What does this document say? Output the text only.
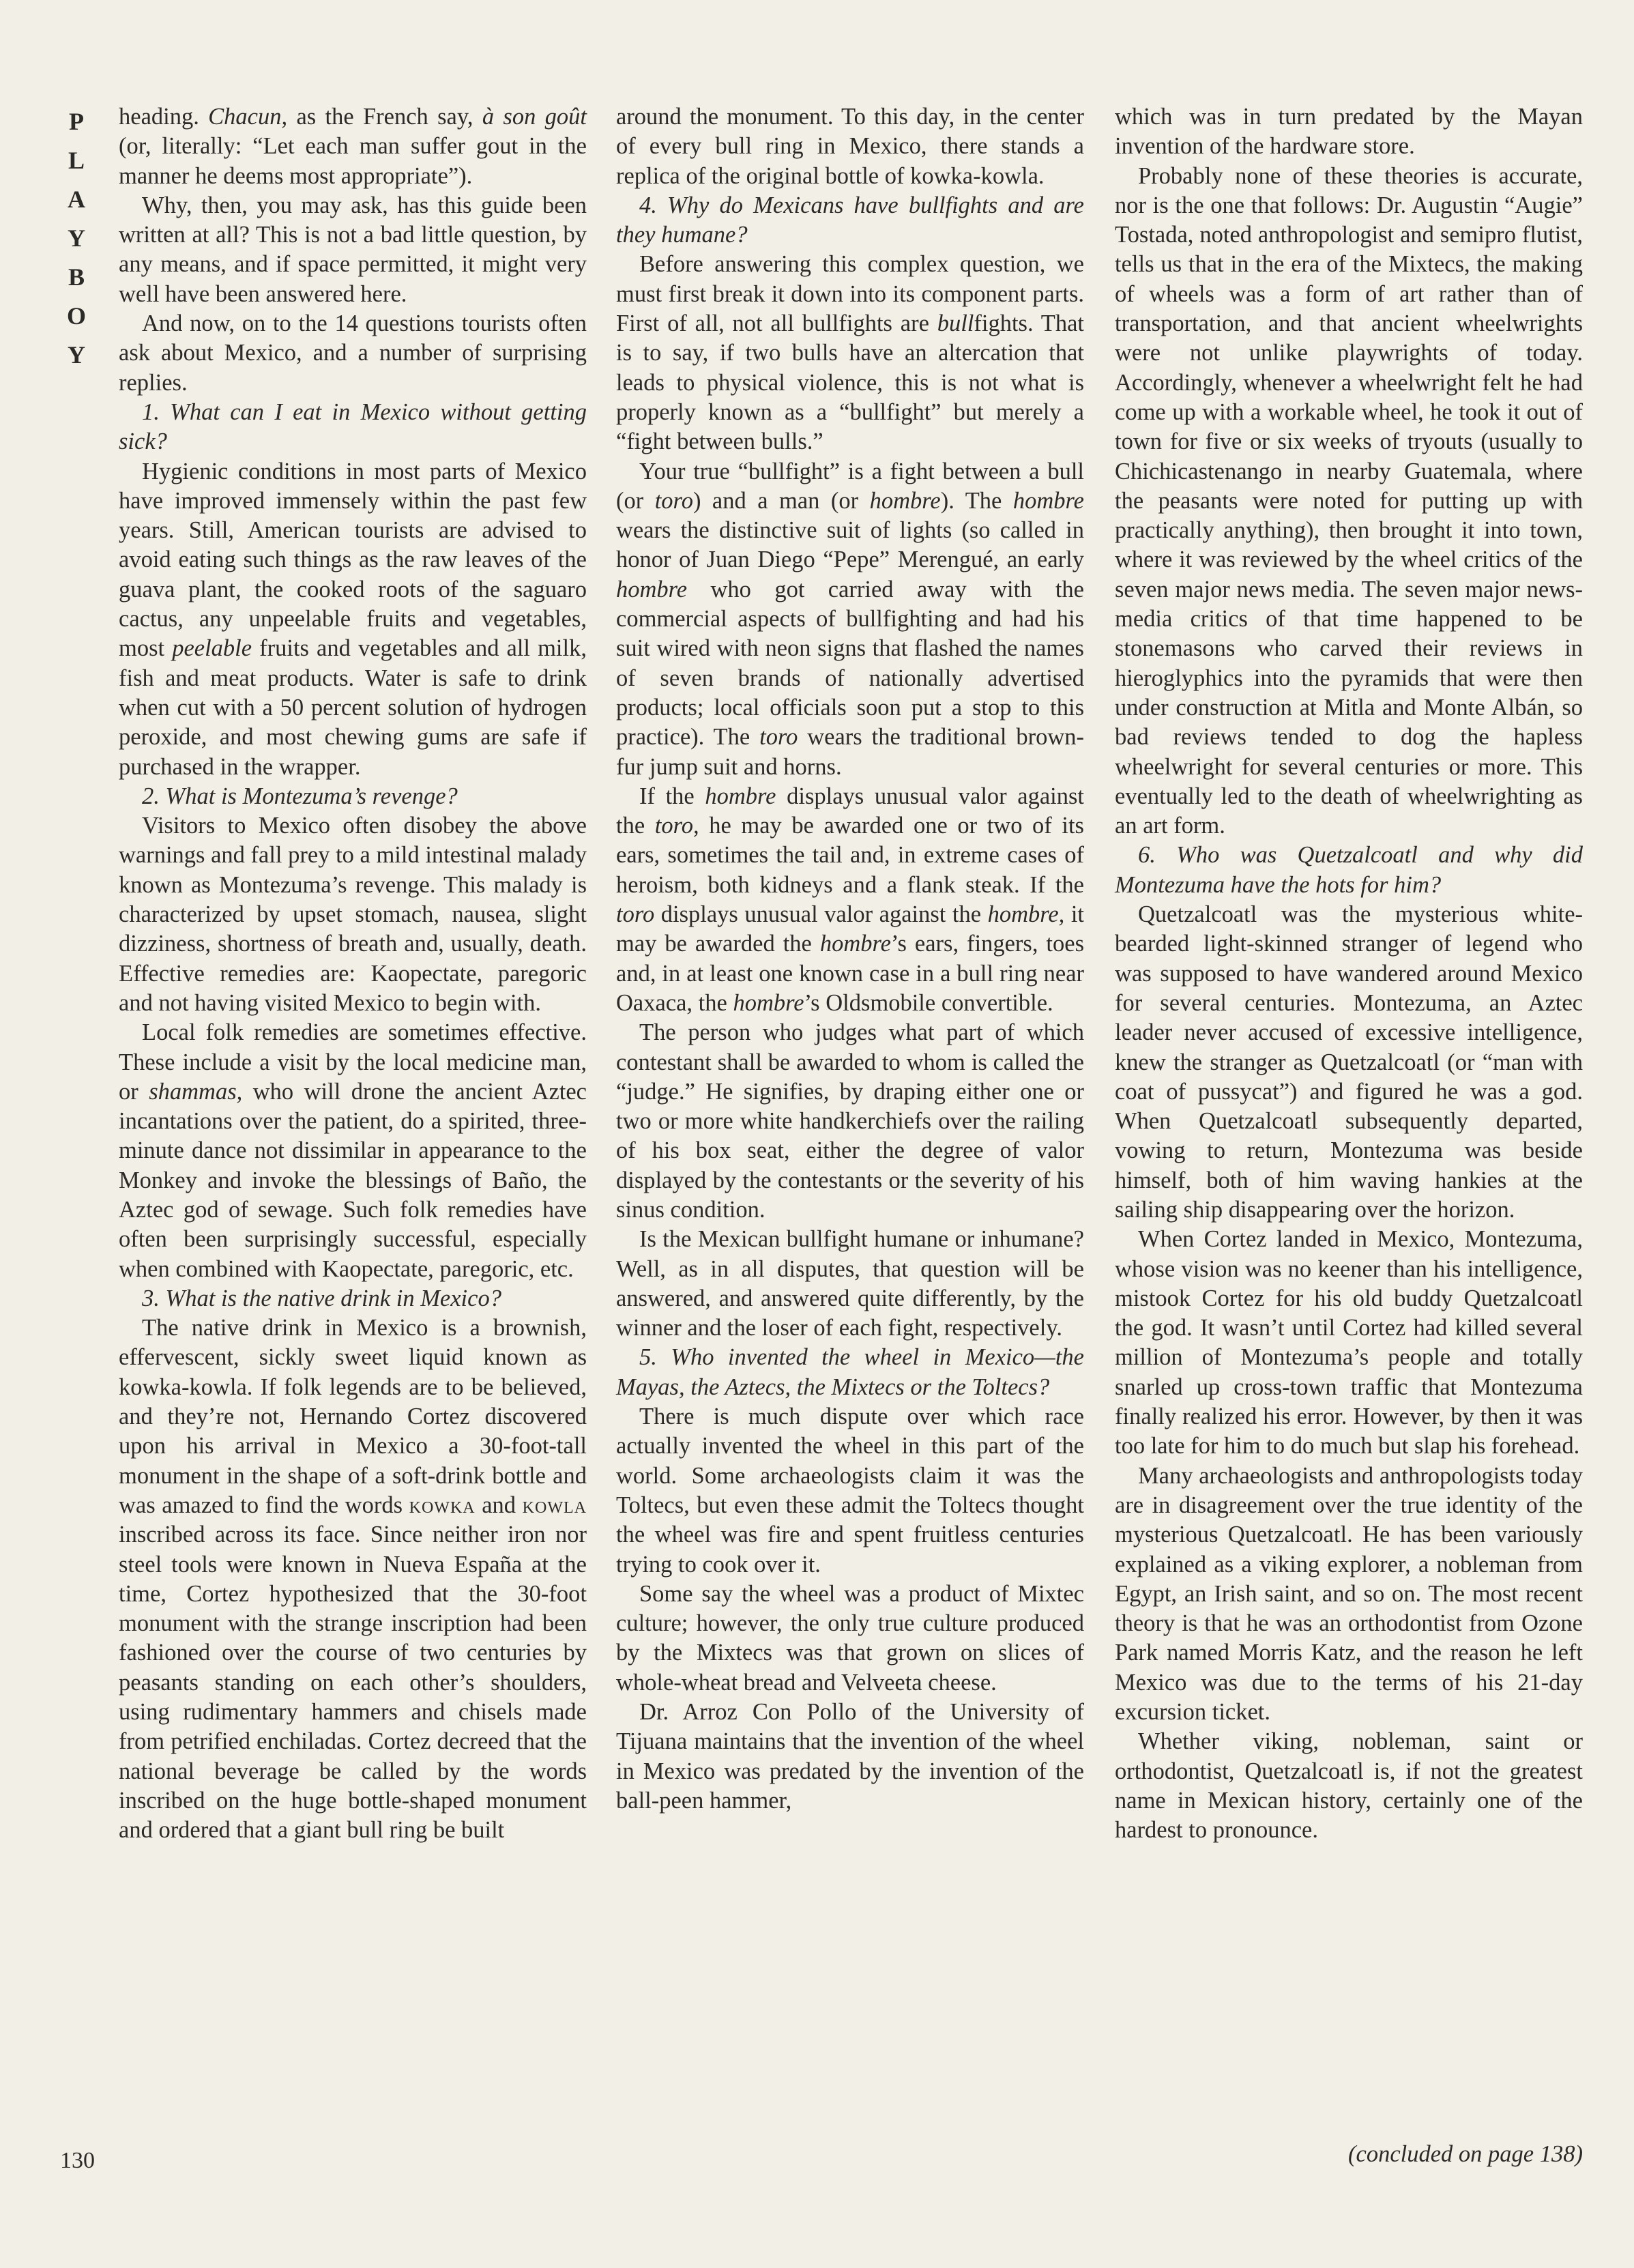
P
L
A
Y
B
O
Y

heading. Chacun, as the French say, à son goût (or, literally: “Let each man suffer gout in the manner he deems most appropriate”).

Why, then, you may ask, has this guide been written at all? This is not a bad little question, by any means, and if space permitted, it might very well have been answered here.

And now, on to the 14 questions tourists often ask about Mexico, and a number of surprising replies.

1. What can I eat in Mexico without getting sick?

Hygienic conditions in most parts of Mexico have improved immensely within the past few years. Still, American tourists are advised to avoid eating such things as the raw leaves of the guava plant, the cooked roots of the saguaro cactus, any unpeelable fruits and vegetables, most peelable fruits and vegetables and all milk, fish and meat products. Water is safe to drink when cut with a 50 percent solution of hydrogen peroxide, and most chewing gums are safe if purchased in the wrapper.

2. What is Montezuma’s revenge?

Visitors to Mexico often disobey the above warnings and fall prey to a mild intestinal malady known as Montezuma’s revenge. This malady is characterized by upset stomach, nausea, slight dizziness, shortness of breath and, usually, death. Effective remedies are: Kaopectate, paregoric and not having visited Mexico to begin with.

Local folk remedies are sometimes effective. These include a visit by the local medicine man, or shammas, who will drone the ancient Aztec incantations over the patient, do a spirited, three-minute dance not dissimilar in appearance to the Monkey and invoke the blessings of Baño, the Aztec god of sewage. Such folk remedies have often been surprisingly successful, especially when combined with Kaopectate, paregoric, etc.

3. What is the native drink in Mexico?

The native drink in Mexico is a brownish, effervescent, sickly sweet liquid known as kowka-kowla. If folk legends are to be believed, and they’re not, Hernando Cortez discovered upon his arrival in Mexico a 30-foot-tall monument in the shape of a soft-drink bottle and was amazed to find the words kowka and kowla inscribed across its face. Since neither iron nor steel tools were known in Nueva España at the time, Cortez hypothesized that the 30-foot monument with the strange inscription had been fashioned over the course of two centuries by peasants standing on each other’s shoulders, using rudimentary hammers and chisels made from petrified enchiladas. Cortez decreed that the national beverage be called by the words inscribed on the huge bottle-shaped monument and ordered that a giant bull ring be built

around the monument. To this day, in the center of every bull ring in Mexico, there stands a replica of the original bottle of kowka-kowla.

4. Why do Mexicans have bullfights and are they humane?

Before answering this complex question, we must first break it down into its component parts. First of all, not all bullfights are bullfights. That is to say, if two bulls have an altercation that leads to physical violence, this is not what is properly known as a “bullfight” but merely a “fight between bulls.”

Your true “bullfight” is a fight between a bull (or toro) and a man (or hombre). The hombre wears the distinctive suit of lights (so called in honor of Juan Diego “Pepe” Merengué, an early hombre who got carried away with the commercial aspects of bullfighting and had his suit wired with neon signs that flashed the names of seven brands of nationally advertised products; local officials soon put a stop to this practice). The toro wears the traditional brown-fur jump suit and horns.

If the hombre displays unusual valor against the toro, he may be awarded one or two of its ears, sometimes the tail and, in extreme cases of heroism, both kidneys and a flank steak. If the toro displays unusual valor against the hombre, it may be awarded the hombre’s ears, fingers, toes and, in at least one known case in a bull ring near Oaxaca, the hombre’s Oldsmobile convertible.

The person who judges what part of which contestant shall be awarded to whom is called the “judge.” He signifies, by draping either one or two or more white handkerchiefs over the railing of his box seat, either the degree of valor displayed by the contestants or the severity of his sinus condition.

Is the Mexican bullfight humane or inhumane? Well, as in all disputes, that question will be answered, and answered quite differently, by the winner and the loser of each fight, respectively.

5. Who invented the wheel in Mexico—the Mayas, the Aztecs, the Mixtecs or the Toltecs?

There is much dispute over which race actually invented the wheel in this part of the world. Some archaeologists claim it was the Toltecs, but even these admit the Toltecs thought the wheel was fire and spent fruitless centuries trying to cook over it.

Some say the wheel was a product of Mixtec culture; however, the only true culture produced by the Mixtecs was that grown on slices of whole-wheat bread and Velveeta cheese.

Dr. Arroz Con Pollo of the University of Tijuana maintains that the invention of the wheel in Mexico was predated by the invention of the ball-peen hammer,

which was in turn predated by the Mayan invention of the hardware store.

Probably none of these theories is accurate, nor is the one that follows: Dr. Augustin “Augie” Tostada, noted anthropologist and semipro flutist, tells us that in the era of the Mixtecs, the making of wheels was a form of art rather than of transportation, and that ancient wheelwrights were not unlike playwrights of today. Accordingly, whenever a wheelwright felt he had come up with a workable wheel, he took it out of town for five or six weeks of tryouts (usually to Chichicastenango in nearby Guatemala, where the peasants were noted for putting up with practically anything), then brought it into town, where it was reviewed by the wheel critics of the seven major news media. The seven major news-media critics of that time happened to be stonemasons who carved their reviews in hieroglyphics into the pyramids that were then under construction at Mitla and Monte Albán, so bad reviews tended to dog the hapless wheelwright for several centuries or more. This eventually led to the death of wheelwrighting as an art form.

6. Who was Quetzalcoatl and why did Montezuma have the hots for him?

Quetzalcoatl was the mysterious white-bearded light-skinned stranger of legend who was supposed to have wandered around Mexico for several centuries. Montezuma, an Aztec leader never accused of excessive intelligence, knew the stranger as Quetzalcoatl (or “man with coat of pussycat”) and figured he was a god. When Quetzalcoatl subsequently departed, vowing to return, Montezuma was beside himself, both of him waving hankies at the sailing ship disappearing over the horizon.

When Cortez landed in Mexico, Montezuma, whose vision was no keener than his intelligence, mistook Cortez for his old buddy Quetzalcoatl the god. It wasn’t until Cortez had killed several million of Montezuma’s people and totally snarled up cross-town traffic that Montezuma finally realized his error. However, by then it was too late for him to do much but slap his forehead.

Many archaeologists and anthropologists today are in disagreement over the true identity of the mysterious Quetzalcoatl. He has been variously explained as a viking explorer, a nobleman from Egypt, an Irish saint, and so on. The most recent theory is that he was an orthodontist from Ozone Park named Morris Katz, and the reason he left Mexico was due to the terms of his 21-day excursion ticket.

Whether viking, nobleman, saint or orthodontist, Quetzalcoatl is, if not the greatest name in Mexican history, certainly one of the hardest to pronounce.

130	(concluded on page 138)
